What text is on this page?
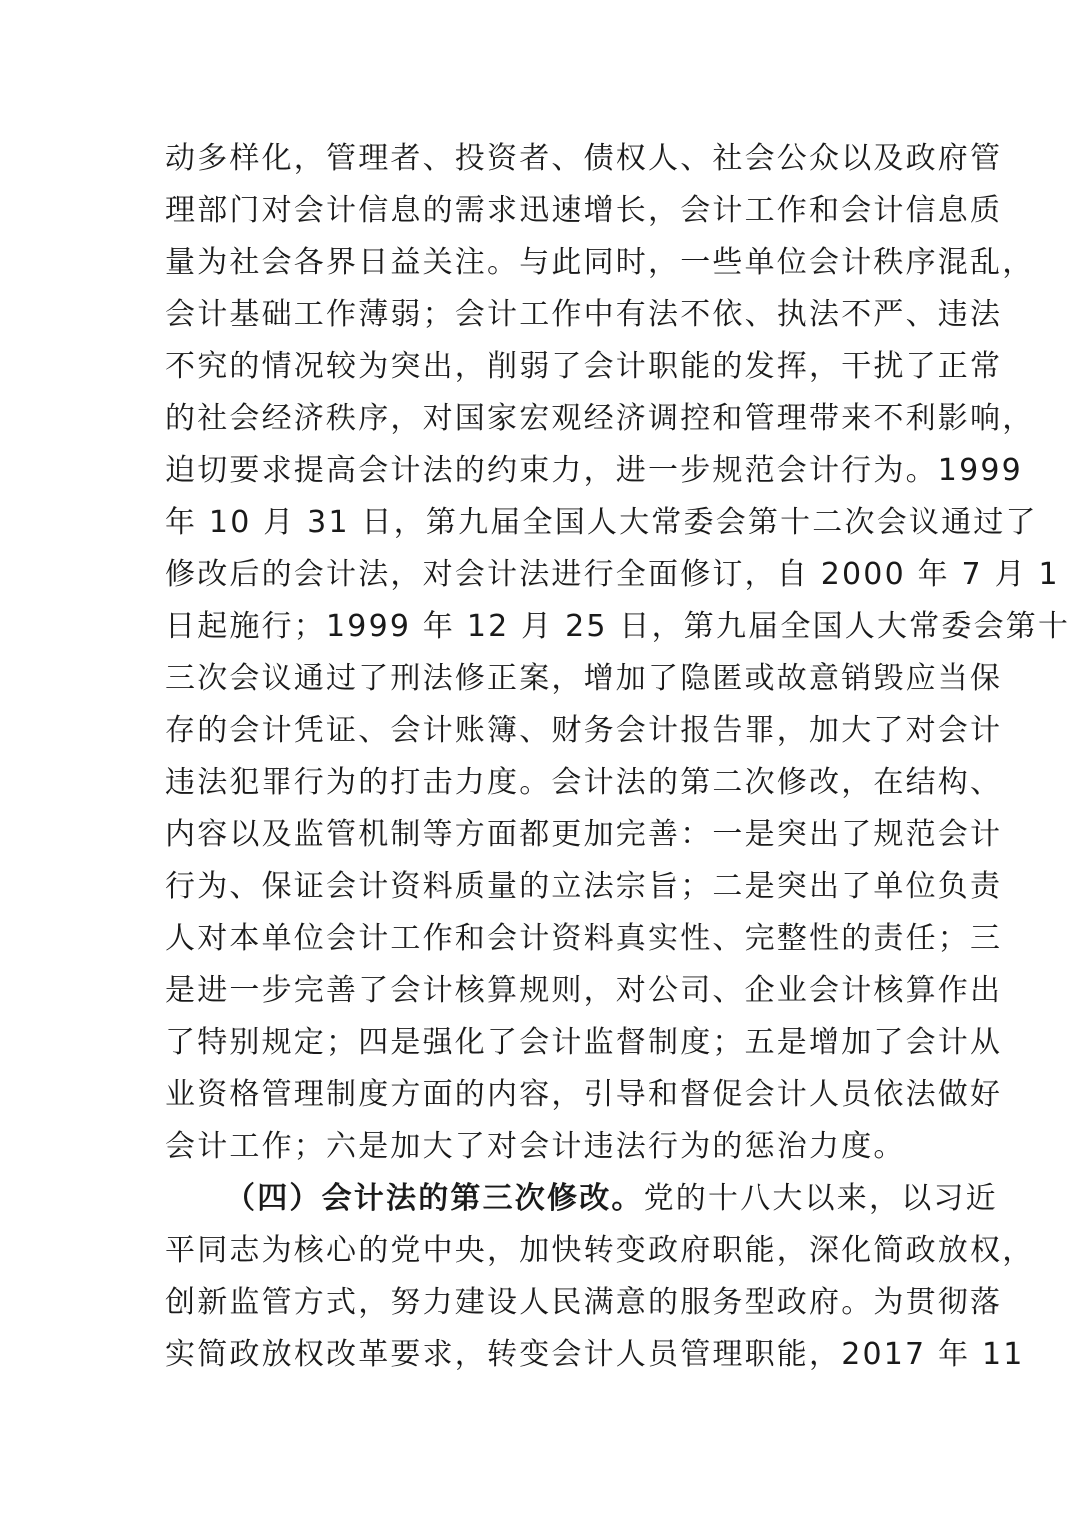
动多样化，管理者、投资者、债权人、社会公众以及政府管
理部门对会计信息的需求迅速增长，会计工作和会计信息质
量为社会各界日益关注。与此同时，一些单位会计秩序混乱，
会计基础工作薄弱；会计工作中有法不依、执法不严、违法
不究的情况较为突出，削弱了会计职能的发挥，干扰了正常
的社会经济秩序，对国家宏观经济调控和管理带来不利影响，
迫切要求提高会计法的约束力，进一步规范会计行为。1999
年 10 月 31 日，第九届全国人大常委会第十二次会议通过了
修改后的会计法，对会计法进行全面修订，自 2000 年 7 月 1
日起施行；1999 年 12 月 25 日，第九届全国人大常委会第十
三次会议通过了刑法修正案，增加了隐匿或故意销毁应当保
存的会计凭证、会计账簿、财务会计报告罪，加大了对会计
违法犯罪行为的打击力度。会计法的第二次修改，在结构、
内容以及监管机制等方面都更加完善：一是突出了规范会计
行为、保证会计资料质量的立法宗旨；二是突出了单位负责
人对本单位会计工作和会计资料真实性、完整性的责任；三
是进一步完善了会计核算规则，对公司、企业会计核算作出
了特别规定；四是强化了会计监督制度；五是增加了会计从
业资格管理制度方面的内容，引导和督促会计人员依法做好
会计工作；六是加大了对会计违法行为的惩治力度。
（四）会计法的第三次修改。党的十八大以来，以习近
平同志为核心的党中央，加快转变政府职能，深化简政放权，
创新监管方式，努力建设人民满意的服务型政府。为贯彻落
实简政放权改革要求，转变会计人员管理职能，2017 年 11
